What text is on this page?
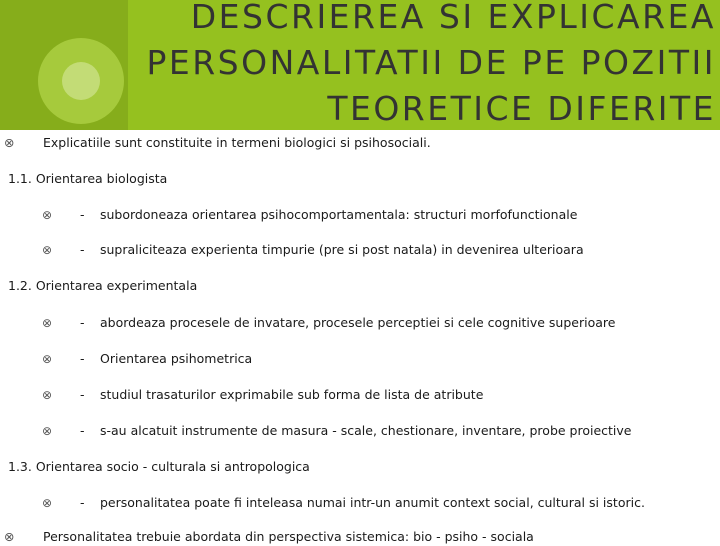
DESCRIEREA SI EXPLICAREA PERSONALITATII DE PE POZITII TEORETICE DIFERITE
⊗ Explicatiile sunt constituite in termeni biologici si psihosociali.
1.1. Orientarea biologista
⊗ - subordoneaza orientarea psihocomportamentala: structuri morfofunctionale
⊗ - supraliciteaza experienta timpurie (pre si post natala) in devenirea ulterioara
1.2. Orientarea experimentala
⊗ - abordeaza procesele de invatare, procesele perceptiei si cele cognitive superioare
⊗ - Orientarea psihometrica
⊗ - studiul trasaturilor exprimabile sub forma de lista de atribute
⊗ - s-au alcatuit instrumente de masura - scale, chestionare, inventare, probe proiective
1.3. Orientarea socio - culturala si antropologica
⊗ - personalitatea poate fi inteleasa numai intr-un anumit context social, cultural si istoric.
⊗ Personalitatea trebuie abordata din perspectiva sistemica: bio - psiho - sociala
